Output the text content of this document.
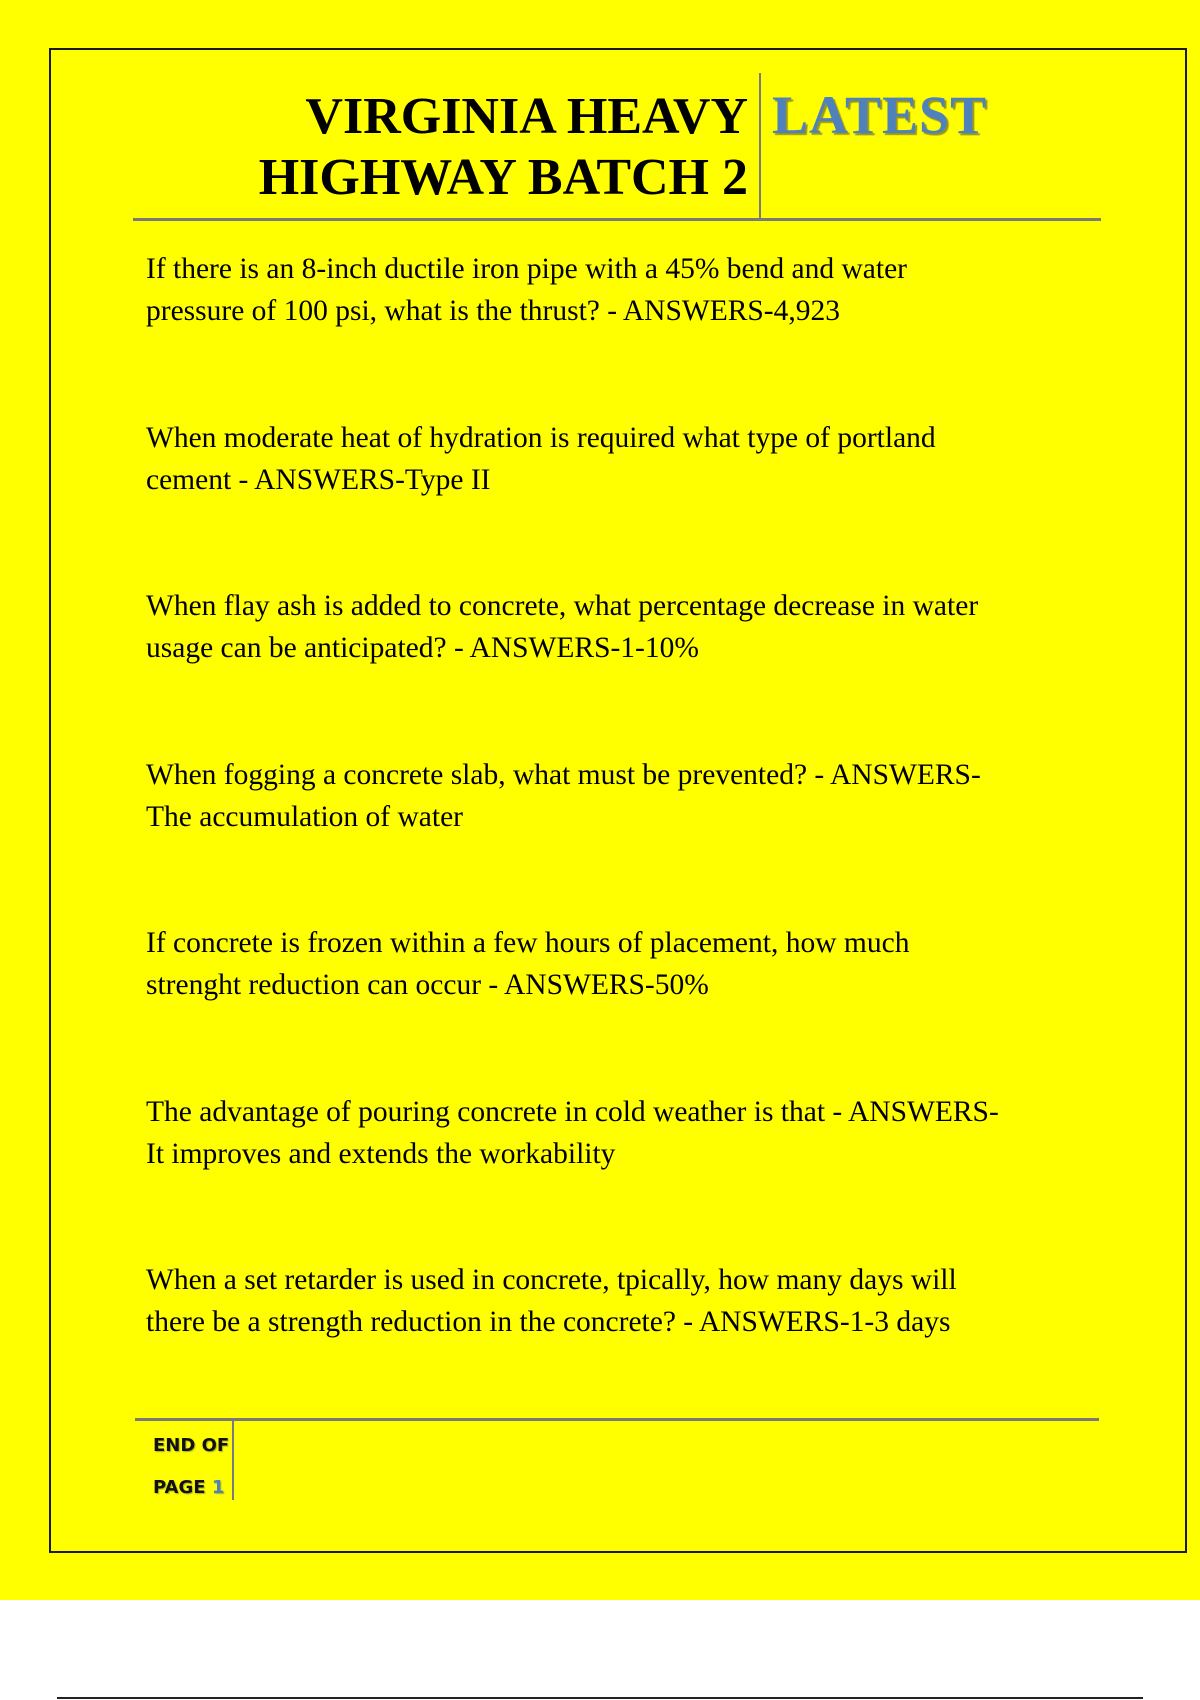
VIRGINIA HEAVY
HIGHWAY BATCH 2
LATEST
If there is an 8-inch ductile iron pipe with a 45% bend and water
pressure of 100 psi, what is the thrust? - ANSWERS-4,923
When moderate heat of hydration is required what type of portland
cement - ANSWERS-Type II
When flay ash is added to concrete, what percentage decrease in water
usage can be anticipated? - ANSWERS-1-10%
When fogging a concrete slab, what must be prevented? - ANSWERS-
The accumulation of water
If concrete is frozen within a few hours of placement, how much
strenght reduction can occur - ANSWERS-50%
The advantage of pouring concrete in cold weather is that - ANSWERS-
It improves and extends the workability
When a set retarder is used in concrete, tpically, how many days will
there be a strength reduction in the concrete? - ANSWERS-1-3 days
END OF
PAGE 1
